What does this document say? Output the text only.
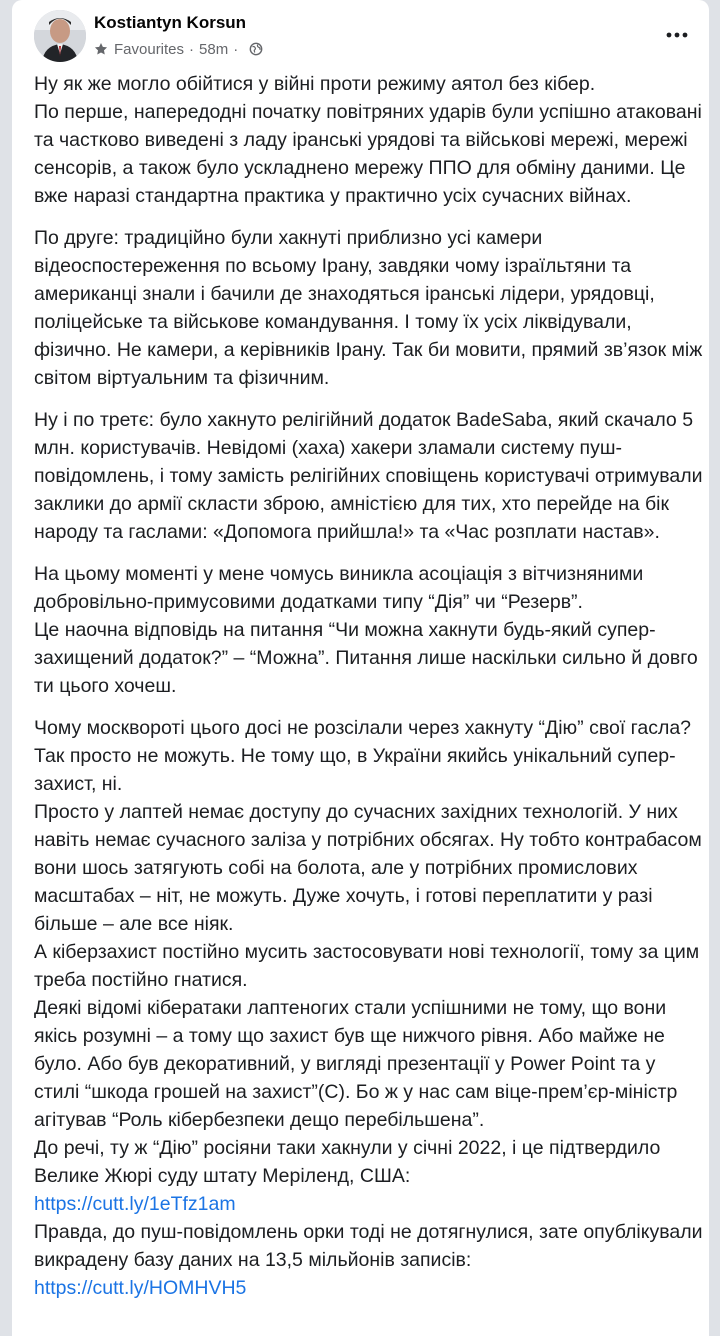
Kostiantyn Korsun
Favourites · 58m ·

Ну як же могло обійтися у війні проти режиму аятол без кібер.

По перше, напередодні початку повітряних ударів були успішно атаковані та частково виведені з ладу іранські урядові та військові мережі, мережі сенсорів, а також було ускладнено мережу ППО для обміну даними. Це вже наразі стандартна практика у практично усіх сучасних війнах.

По друге: традиційно були хакнуті приблизно усі камери відеоспостереження по всьому Ірану, завдяки чому ізраїльтяни та американці знали і бачили де знаходяться іранські лідери, урядовці, поліцейське та військове командування. І тому їх усіх ліквідували, фізично. Не камери, а керівників Ірану. Так би мовити, прямий зв’язок між світом віртуальним та фізичним.

Ну і по третє: було хакнуто релігійний додаток BadeSaba, який скачало 5 млн. користувачів. Невідомі (хаха) хакери зламали систему пуш-повідомлень, і тому замість релігійних сповіщень користувачі отримували заклики до армії скласти зброю, амністією для тих, хто перейде на бік народу та гаслами: «Допомога прийшла!» та «Час розплати настав».

На цьому моменті у мене чомусь виникла асоціація з вітчизняними добровільно-примусовими додатками типу “Дія” чи “Резерв”.

Це наочна відповідь на питання “Чи можна хакнути будь-який супер-захищений додаток?” – “Можна”. Питання лише наскільки сильно й довго ти цього хочеш.

Чому москвороті цього досі не розсілали через хакнуту “Дію” свої гасла? Так просто не можуть. Не тому що, в України якийсь унікальний супер-захист, ні.

Просто у лаптей немає доступу до сучасних західних технологій. У них навіть немає сучасного заліза у потрібних обсягах. Ну тобто контрабасом вони шось затягують собі на болота, але у потрібних промислових масштабах – ніт, не можуть. Дуже хочуть, і готові переплатити у разі більше – але все ніяк.

А кіберзахист постійно мусить застосовувати нові технології, тому за цим треба постійно гнатися.

Деякі відомі кібератаки лаптеногих стали успішними не тому, що вони якісь розумні – а тому що захист був ще нижчого рівня. Або майже не було. Або був декоративний, у вигляді презентації у Power Point та у стилі “шкода грошей на захист”(С). Бо ж у нас сам віце-прем’єр-міністр агітував “Роль кібербезпеки дещо перебільшена”.

До речі, ту ж “Дію” росіяни таки хакнули у січні 2022, і це підтвердило Велике Жюрі суду штату Меріленд, США:

https://cutt.ly/1eTfz1am

Правда, до пуш-повідомлень орки тоді не дотягнулися, зате опублікували викрадену базу даних на 13,5 мільйонів записів:

https://cutt.ly/HOMHVH5
